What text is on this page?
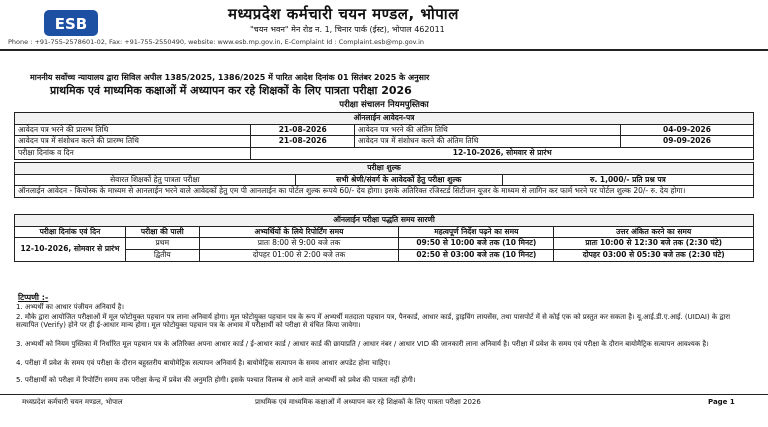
ESB
मध्यप्रदेश कर्मचारी चयन मण्डल, भोपाल
"चयन भवन" मेन रोड न. 1, चिनार पार्क (ईस्ट), भोपाल 462011
Phone : +91-755-2578601-02, Fax: +91-755-2550490, website: www.esb.mp.gov.in, E-Complaint Id : Complaint.esb@mp.gov.in
माननीय सर्वोच्च न्यायालय द्वारा सिविल अपील 1385/2025, 1386/2025 में पारित आदेश दिनांक 01 सितंबर 2025 के अनुसार
प्राथमिक एवं माध्यमिक कक्षाओं में अध्यापन कर रहे शिक्षकों के लिए पात्रता परीक्षा 2026
परीक्षा संचालन नियमपुस्तिका
ऑनलाईन आवेदन-पत्र			
आवेदन पत्र भरने की प्रारम्भ तिथि	21-08-2026	आवेदन पत्र भरने की अंतिम तिथि	04-09-2026
आवेदन पत्र में संशोधन करने की प्रारम्भ तिथि	21-08-2026	आवेदन पत्र में संशोधन करने की अंतिम तिथि	09-09-2026
परीक्षा दिनांक व दिन	12-10-2026, सोमवार से प्रारंभ		
परीक्षा शुल्क
सेवारत शिक्षकों हेतु पात्रता परीक्षा	सभी श्रेणी/संवर्ग के आवेदकों हेतु परीक्षा शुल्क	रु. 1,000/- प्रति प्रश्न पत्र
ऑनलाईन आवेदन - कियोस्क के माध्यम से आनलाईन भरने वाले आवेदकों हेतु एम पी आनलाईन का पोर्टल शुल्क रूपये 60/- देय होगा। इसके अतिरिक्त रजिस्टर्ड सिटीजन यूजर के माध्यम से लागिन कर फार्म भरने पर पोर्टल शुल्क 20/- रु. देय होगा।
ऑनलाईन परीक्षा पद्धति समय सारणी				
परीक्षा दिनांक एवं दिन	परीक्षा की पाली	अभ्यर्थियों के लिये रिपोर्टिंग समय	महत्वपूर्ण निर्देश पढ़ने का समय	उत्तर अंकित करने का समय
12-10-2026, सोमवार से प्रारंभ	प्रथम	प्रातः 8:00 से 9:00 बजे तक	09:50 से 10:00 बजे तक (10 मिनट)	प्रातः 10:00 से 12:30 बजे तक (2:30 घंटे)
	द्वितीय	दोपहर 01:00 से 2:00 बजे तक	02:50 से 03:00 बजे तक (10 मिनट)	दोपहर 03:00 से 05:30 बजे तक (2:30 घंटे)
टिप्पणी :-
1. अभ्यर्थी का आधार पंजीयन अनिवार्य है।
2. मौके द्वारा आयोजित परीक्षाओं में मूल फोटोयुक्त पहचान पत्र लाना अनिवार्य होगा। मूल फोटोयुक्त पहचान पत्र के रूप में अभ्यर्थी मतदाता पहचान पत्र, पैनकार्ड, आधार कार्ड, ड्राइविंग लायसेंस, तथा पासपोर्ट में से कोई एक को प्रस्तुत कर सकता है। यू.आई.डी.ए.आई. (UIDAI) के द्वारा सत्यापित (Verify) होने पर ही ई-आधार मान्य होगा। मूल फोटोयुक्त पहचान पत्र के अभाव में परीक्षार्थी को परीक्षा से वंचित किया जावेगा।
3. अभ्यर्थी को नियम पुस्तिका में निर्धारित मूल पहचान पत्र के अतिरिक्त अपना आधार कार्ड / ई-आधार कार्ड / आधार कार्ड की छायाप्रति / आधार नंबर / आधार VID की जानकारी लाना अनिवार्य है। परीक्षा में प्रवेश के समय एवं परीक्षा के दौरान बायोमैट्रिक सत्यापन आवश्यक है।
4. परीक्षा में प्रवेश के समय एवं परीक्षा के दौरान बहुस्तरीय बायोमेट्रिक सत्यापन अनिवार्य है। बायोमेट्रिक सत्यापन के समय आधार अपडेट होना चाहिए।
5. परीक्षार्थी को परीक्षा में रिपोर्टिंग समय तक परीक्षा केन्द्र में प्रवेश की अनुमति होगी। इसके पश्चात विलम्ब से आने वाले अभ्यर्थी को प्रवेश की पात्रता नहीं होगी।
मध्यप्रदेश कर्मचारी चयन मण्डल, भोपाल	प्राथमिक एवं माध्यमिक कक्षाओं में अध्यापन कर रहे शिक्षकों के लिए पात्रता परीक्षा 2026	Page 1
